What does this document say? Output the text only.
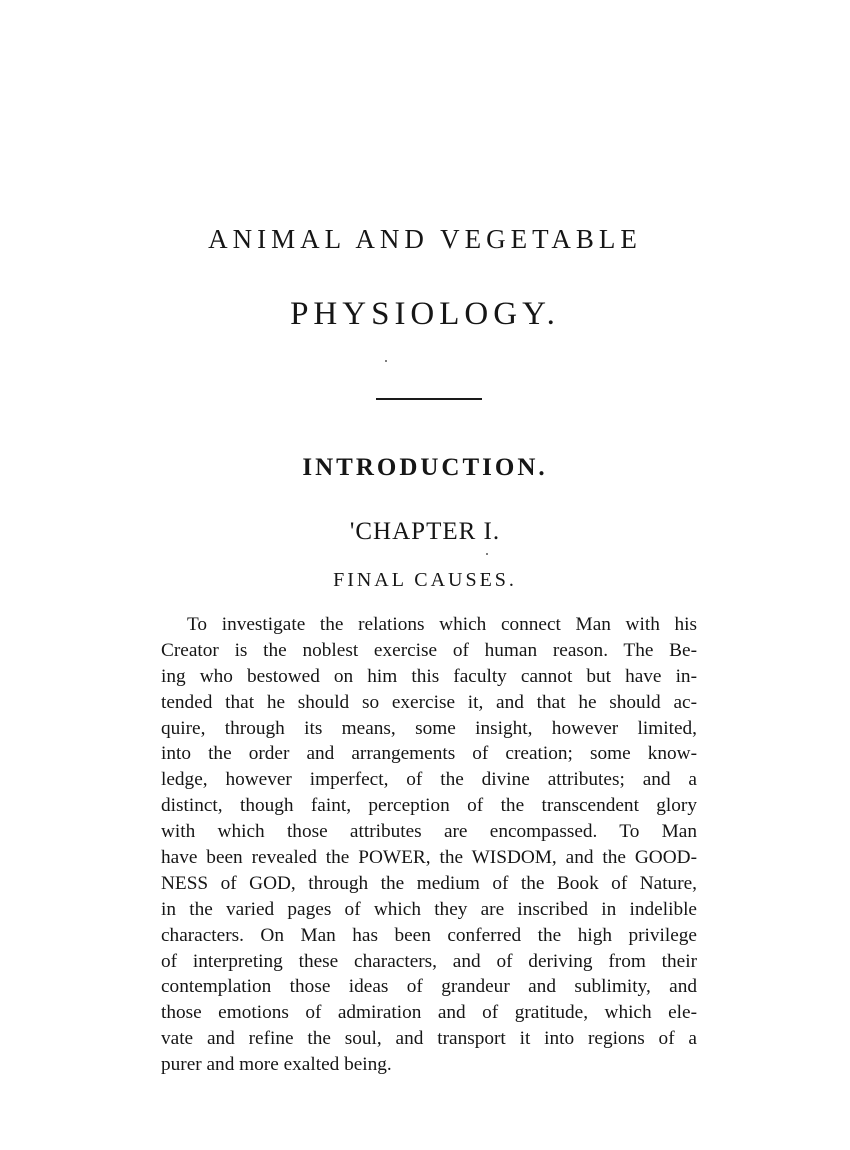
ANIMAL AND VEGETABLE
PHYSIOLOGY.
INTRODUCTION.
'CHAPTER I.
FINAL CAUSES.
To investigate the relations which connect Man with his
Creator is the noblest exercise of human reason. The Be-
ing who bestowed on him this faculty cannot but have in-
tended that he should so exercise it, and that he should ac-
quire, through its means, some insight, however limited,
into the order and arrangements of creation; some know-
ledge, however imperfect, of the divine attributes; and a
distinct, though faint, perception of the transcendent glory
with which those attributes are encompassed. To Man
have been revealed the POWER, the WISDOM, and the GOOD-
NESS of GOD, through the medium of the Book of Nature,
in the varied pages of which they are inscribed in indelible
characters. On Man has been conferred the high privilege
of interpreting these characters, and of deriving from their
contemplation those ideas of grandeur and sublimity, and
those emotions of admiration and of gratitude, which ele-
vate and refine the soul, and transport it into regions of a
purer and more exalted being.
